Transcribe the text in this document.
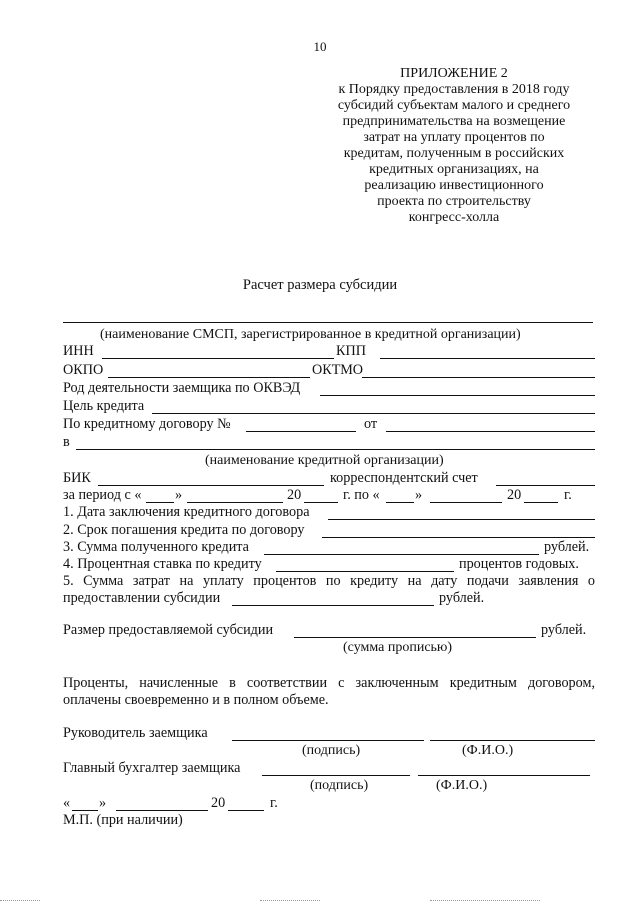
10
ПРИЛОЖЕНИЕ 2
к Порядку предоставления в 2018 году
субсидий субъектам малого и среднего
предпринимательства на возмещение
затрат на уплату процентов по
кредитам, полученным в российских
кредитных организациях, на
реализацию инвестиционного
проекта по строительству
конгресс-холла
Расчет размера субсидии
(наименование СМСП, зарегистрированное в кредитной организации)
ИНН	КПП
ОКПО	ОКТМО
Род деятельности заемщика по ОКВЭД
Цель кредита
По кредитному договору №	от
в
(наименование кредитной организации)
БИК	корреспондентский счет
за период с « »	20	г. по « »	20	г.
1. Дата заключения кредитного договора
2. Срок погашения кредита по договору
3. Сумма полученного кредита	рублей.
4. Процентная ставка по кредиту	процентов годовых.
5. Сумма затрат на уплату процентов по кредиту на дату подачи заявления о
предоставлении субсидии	рублей.
Размер предоставляемой субсидии	рублей.
(сумма прописью)
Проценты, начисленные в соответствии с заключенным кредитным договором,
оплачены своевременно и в полном объеме.
Руководитель заемщика
(подпись)	(Ф.И.О.)
Главный бухгалтер заемщика
(подпись)	(Ф.И.О.)
« »	20	г.
М.П. (при наличии)
